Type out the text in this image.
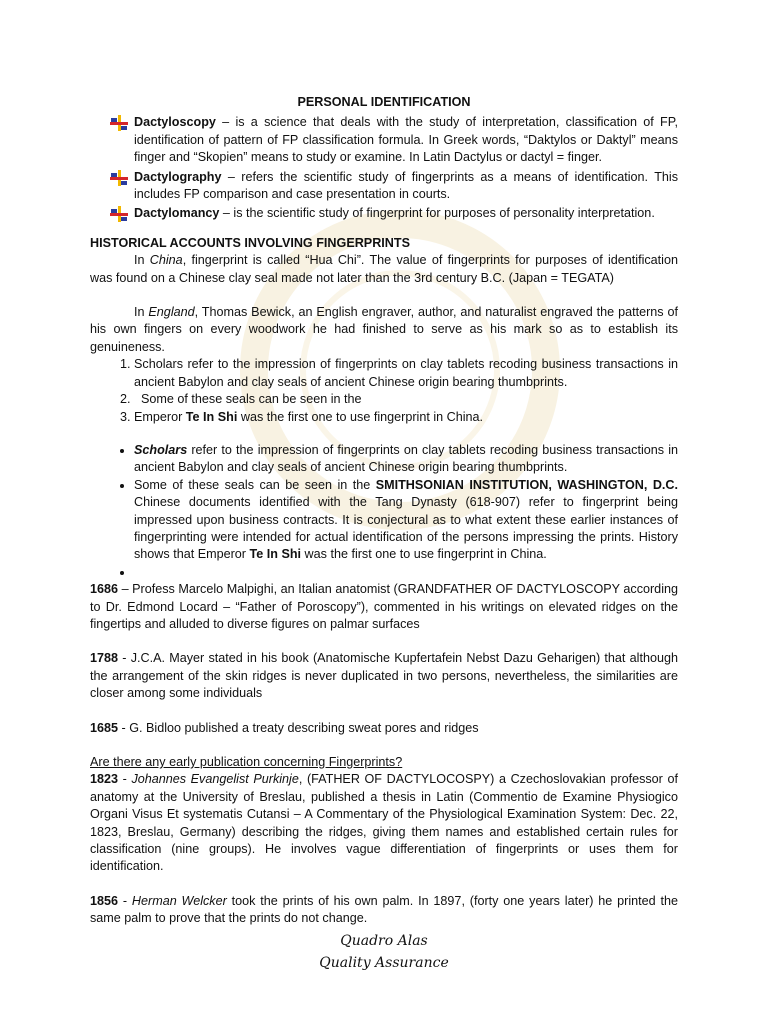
PERSONAL IDENTIFICATION
Dactyloscopy – is a science that deals with the study of interpretation, classification of FP, identification of pattern of FP classification formula. In Greek words, “Daktylos or Daktyl” means finger and “Skopien” means to study or examine. In Latin Dactylus or dactyl = finger.
Dactylography – refers the scientific study of fingerprints as a means of identification. This includes FP comparison and case presentation in courts.
Dactylomancy – is the scientific study of fingerprint for purposes of personality interpretation.
HISTORICAL ACCOUNTS INVOLVING FINGERPRINTS

In China, fingerprint is called “Hua Chi”. The value of fingerprints for purposes of identification was found on a Chinese clay seal made not later than the 3rd century B.C. (Japan = TEGATA)

In England, Thomas Bewick, an English engraver, author, and naturalist engraved the patterns of his own fingers on every woodwork he had finished to serve as his mark so as to establish its genuineness.

1. Scholars refer to the impression of fingerprints on clay tablets recoding business transactions in ancient Babylon and clay seals of ancient Chinese origin bearing thumbprints.
2. Some of these seals can be seen in the
3. Emperor Te In Shi was the first one to use fingerprint in China.
• Scholars refer to the impression of fingerprints on clay tablets recoding business transactions in ancient Babylon and clay seals of ancient Chinese origin bearing thumbprints.
• Some of these seals can be seen in the SMITHSONIAN INSTITUTION, WASHINGTON, D.C. Chinese documents identified with the Tang Dynasty (618-907) refer to fingerprint being impressed upon business contracts. It is conjectural as to what extent these earlier instances of fingerprinting were intended for actual identification of the persons impressing the prints. History shows that Emperor Te In Shi was the first one to use fingerprint in China.
•

1686 – Profess Marcelo Malpighi, an Italian anatomist (GRANDFATHER OF DACTYLOSCOPY according to Dr. Edmond Locard – “Father of Poroscopy”), commented in his writings on elevated ridges on the fingertips and alluded to diverse figures on palmar surfaces

1788 - J.C.A. Mayer stated in his book (Anatomische Kupfertafein Nebst Dazu Geharigen) that although the arrangement of the skin ridges is never duplicated in two persons, nevertheless, the similarities are closer among some individuals

1685 - G. Bidloo published a treaty describing sweat pores and ridges

Are there any early publication concerning Fingerprints?

1823 - Johannes Evangelist Purkinje, (FATHER OF DACTYLOCOSPY) a Czechoslovakian professor of anatomy at the University of Breslau, published a thesis in Latin (Commentio de Examine Physiogico Organi Visus Et systematis Cutansi – A Commentary of the Physiological Examination System: Dec. 22, 1823, Breslau, Germany) describing the ridges, giving them names and established certain rules for classification (nine groups). He involves vague differentiation of fingerprints or uses them for identification.

1856 - Herman Welcker took the prints of his own palm. In 1897, (forty one years later) he printed the same palm to prove that the prints do not change.

Quadro Alas
Quality Assurance
